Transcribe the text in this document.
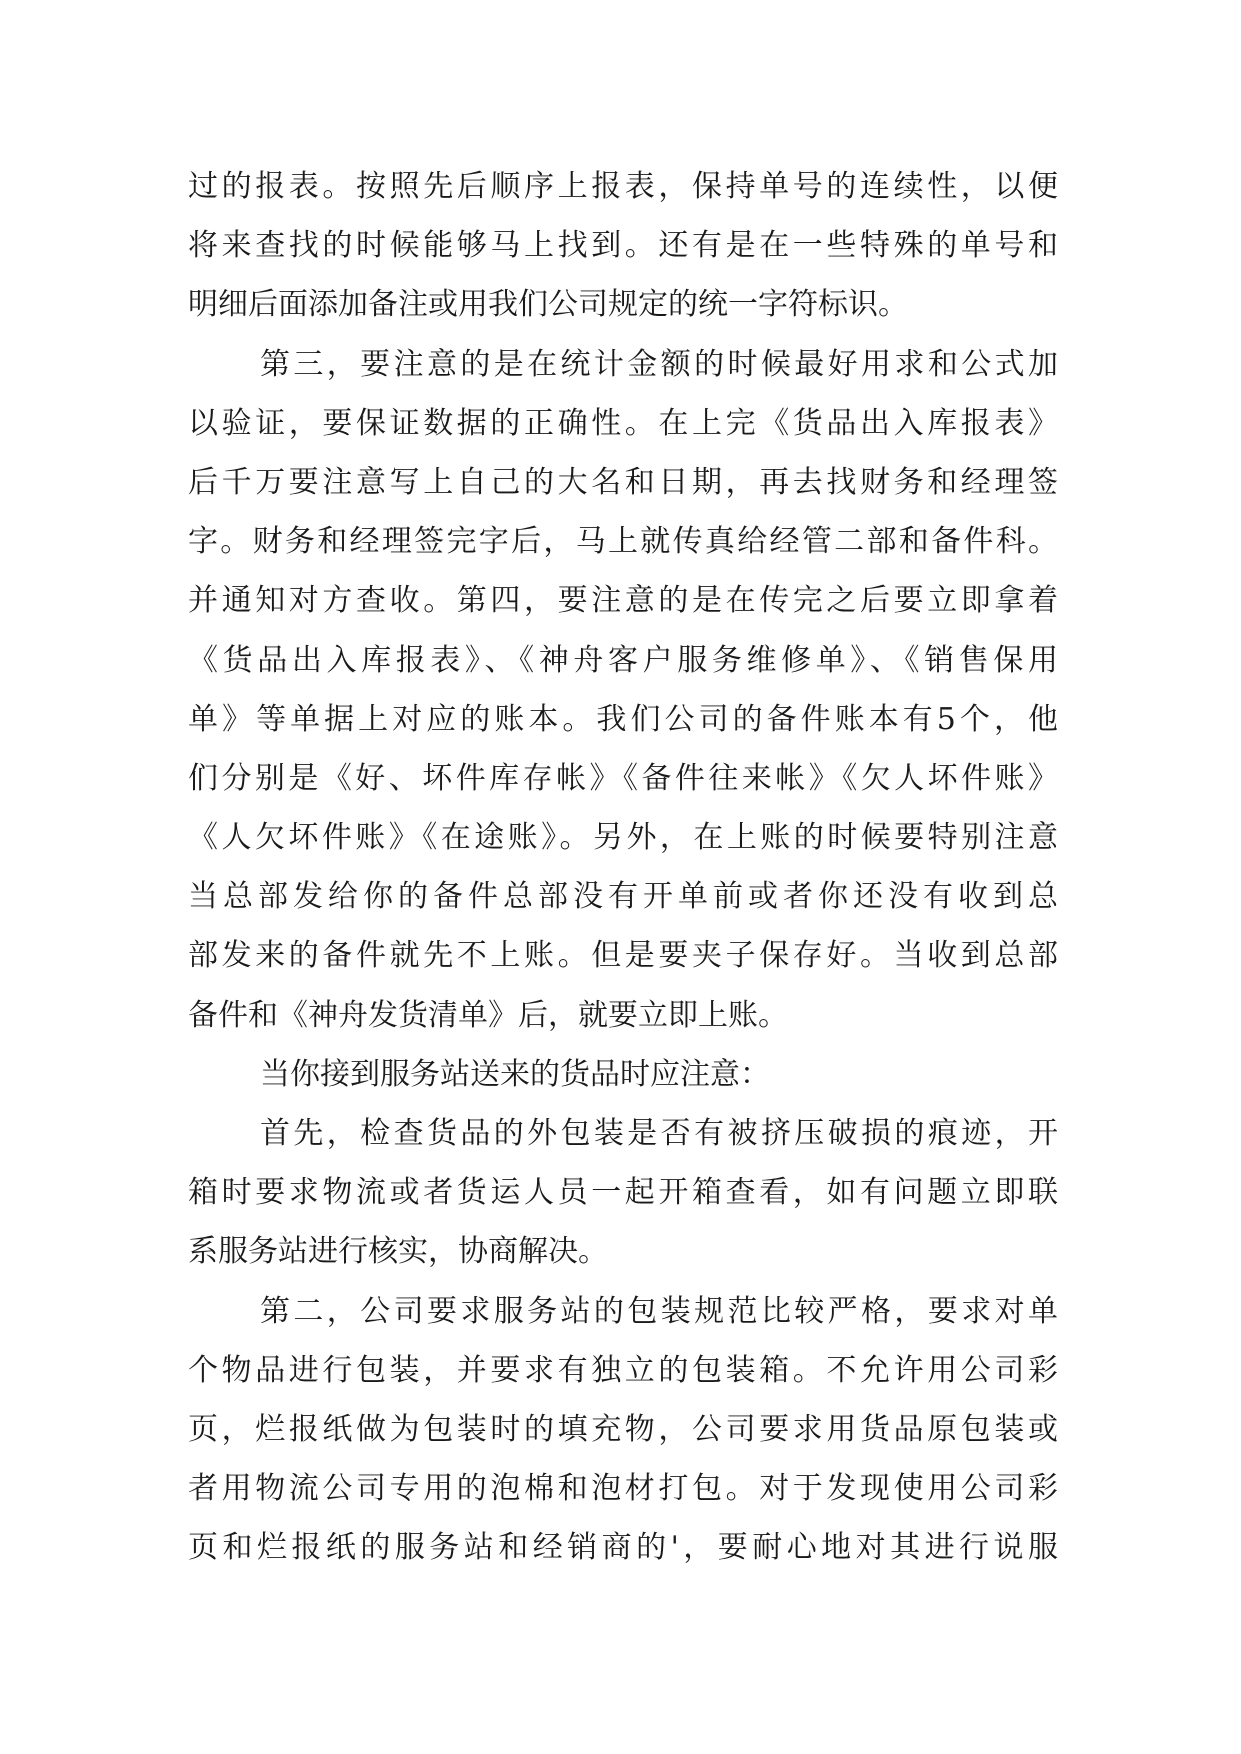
过的报表。按照先后顺序上报表，保持单号的连续性，以便
将来查找的时候能够马上找到。还有是在一些特殊的单号和
明细后面添加备注或用我们公司规定的统一字符标识。
第三，要注意的是在统计金额的时候最好用求和公式加
以验证，要保证数据的正确性。在上完《货品出入库报表》
后千万要注意写上自己的大名和日期，再去找财务和经理签
字。财务和经理签完字后，马上就传真给经管二部和备件科。
并通知对方查收。第四，要注意的是在传完之后要立即拿着
《货品出入库报表》、《神舟客户服务维修单》、《销售保用
单》等单据上对应的账本。我们公司的备件账本有5个，他
们分别是《好、坏件库存帐》《备件往来帐》《欠人坏件账》
《人欠坏件账》《在途账》。另外，在上账的时候要特别注意
当总部发给你的备件总部没有开单前或者你还没有收到总
部发来的备件就先不上账。但是要夹子保存好。当收到总部
备件和《神舟发货清单》后，就要立即上账。
当你接到服务站送来的货品时应注意：
首先，检查货品的外包装是否有被挤压破损的痕迹，开
箱时要求物流或者货运人员一起开箱查看，如有问题立即联
系服务站进行核实，协商解决。
第二，公司要求服务站的包装规范比较严格，要求对单
个物品进行包装，并要求有独立的包装箱。不允许用公司彩
页，烂报纸做为包装时的填充物，公司要求用货品原包装或
者用物流公司专用的泡棉和泡材打包。对于发现使用公司彩
页和烂报纸的服务站和经销商的'，要耐心地对其进行说服
